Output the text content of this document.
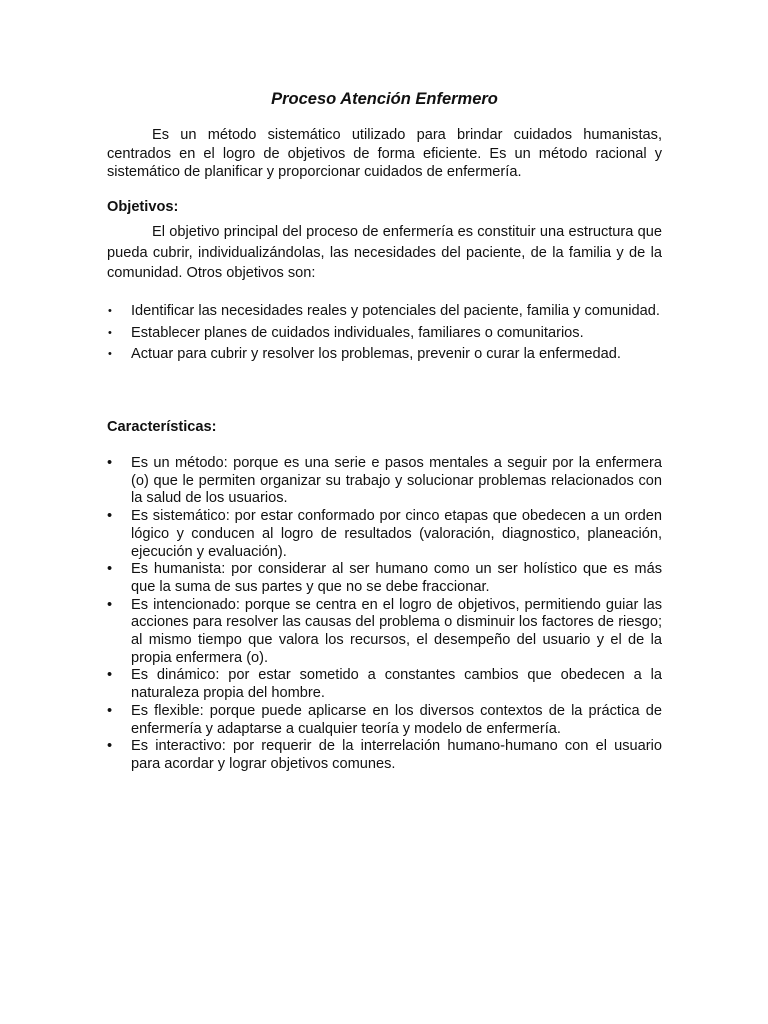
Proceso Atención Enfermero

Es un método sistemático utilizado para brindar cuidados humanistas, centrados en el logro de objetivos de forma eficiente. Es un método racional y sistemático de planificar y proporcionar cuidados de enfermería.

Objetivos:

El objetivo principal del proceso de enfermería es constituir una estructura que pueda cubrir, individualizándolas, las necesidades del paciente, de la familia y de la comunidad. Otros objetivos son:

• Identificar las necesidades reales y potenciales del paciente, familia y comunidad.
• Establecer planes de cuidados individuales, familiares o comunitarios.
• Actuar para cubrir y resolver los problemas, prevenir o curar la enfermedad.
Características:
• Es un método: porque es una serie e pasos mentales a seguir por la enfermera (o) que le permiten organizar su trabajo y solucionar problemas relacionados con la salud de los usuarios.
• Es sistemático: por estar conformado por cinco etapas que obedecen a un orden lógico y conducen al logro de resultados (valoración, diagnostico, planeación, ejecución y evaluación).
• Es humanista: por considerar al ser humano como un ser holístico que es más que la suma de sus partes y que no se debe fraccionar.
• Es intencionado: porque se centra en el logro de objetivos, permitiendo guiar las acciones para resolver las causas del problema o disminuir los factores de riesgo; al mismo tiempo que valora los recursos, el desempeño del usuario y el de la propia enfermera (o).
• Es dinámico: por estar sometido a constantes cambios que obedecen a la naturaleza propia del hombre.
• Es flexible: porque puede aplicarse en los diversos contextos de la práctica de enfermería y adaptarse a cualquier teoría y modelo de enfermería.
• Es interactivo: por requerir de la interrelación humano-humano con el usuario para acordar y lograr objetivos comunes.
